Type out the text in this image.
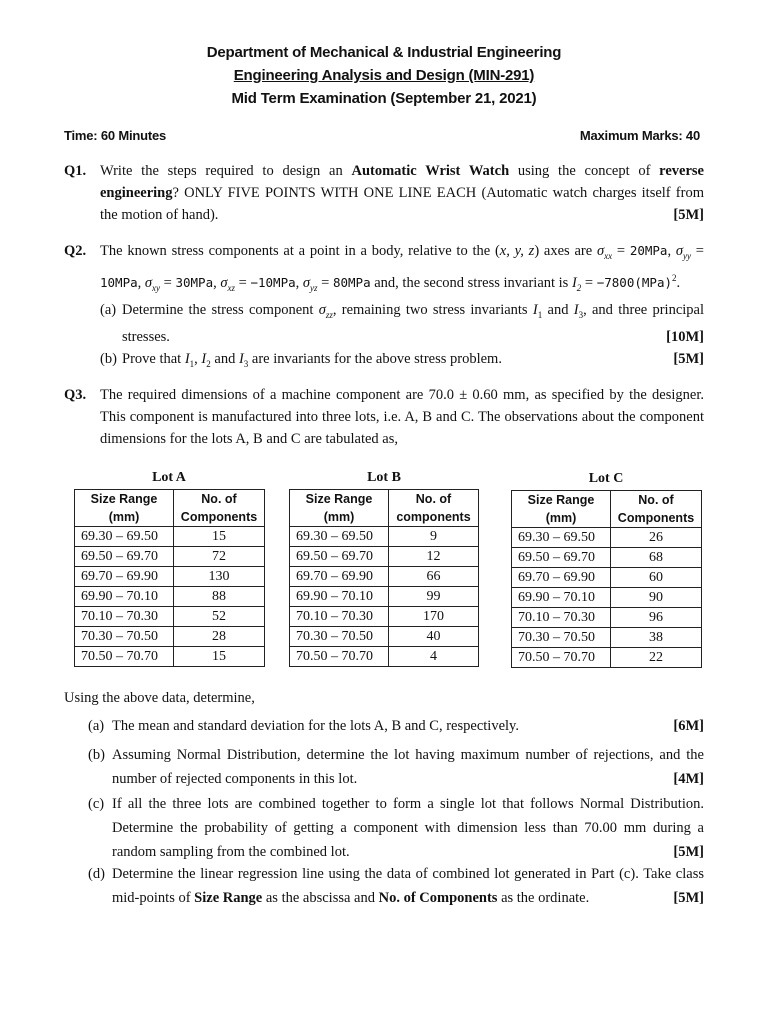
Department of Mechanical & Industrial Engineering
Engineering Analysis and Design (MIN-291)
Mid Term Examination (September 21, 2021)
Time: 60 Minutes	Maximum Marks: 40
Q1. Write the steps required to design an Automatic Wrist Watch using the concept of reverse engineering? ONLY FIVE POINTS WITH ONE LINE EACH (Automatic watch charges itself from the motion of hand).	[5M]
Q2. The known stress components at a point in a body, relative to the (x, y, z) axes are $\sigma_{xx} = 20MPa$, $\sigma_{yy} = 10MPa$, $\sigma_{xy} = 30MPa$, $\sigma_{xz} = -10MPa$, $\sigma_{yz} = 80MPa$ and, the second stress invariant is $I_2 = -7800(MPa)^2$.
(a) Determine the stress component $\sigma_{zz}$, remaining two stress invariants $I_1$ and $I_3$, and three principal stresses.	[10M]
(b) Prove that $I_1$, $I_2$ and $I_3$ are invariants for the above stress problem.	[5M]
Q3. The required dimensions of a machine component are 70.0 ± 0.60 mm, as specified by the designer. This component is manufactured into three lots, i.e. A, B and C. The observations about the component dimensions for the lots A, B and C are tabulated as,
Lot A
Size Range
(mm)	No. of
Components
69.30 – 69.50	15
69.50 – 69.70	72
69.70 – 69.90	130
69.90 – 70.10	88
70.10 – 70.30	52
70.30 – 70.50	28
70.50 – 70.70	15
Lot B
Size Range
(mm)	No. of
components
69.30 – 69.50	9
69.50 – 69.70	12
69.70 – 69.90	66
69.90 – 70.10	99
70.10 – 70.30	170
70.30 – 70.50	40
70.50 – 70.70	4
Lot C
Size Range
(mm)	No. of
Components
69.30 – 69.50	26
69.50 – 69.70	68
69.70 – 69.90	60
69.90 – 70.10	90
70.10 – 70.30	96
70.30 – 70.50	38
70.50 – 70.70	22
Using the above data, determine,
(a) The mean and standard deviation for the lots A, B and C, respectively.	[6M]
(b) Assuming Normal Distribution, determine the lot having maximum number of rejections, and the number of rejected components in this lot.	[4M]
(c) If all the three lots are combined together to form a single lot that follows Normal Distribution. Determine the probability of getting a component with dimension less than 70.00 mm during a random sampling from the combined lot.	[5M]
(d) Determine the linear regression line using the data of combined lot generated in Part (c). Take class mid-points of Size Range as the abscissa and No. of Components as the ordinate.	[5M]
